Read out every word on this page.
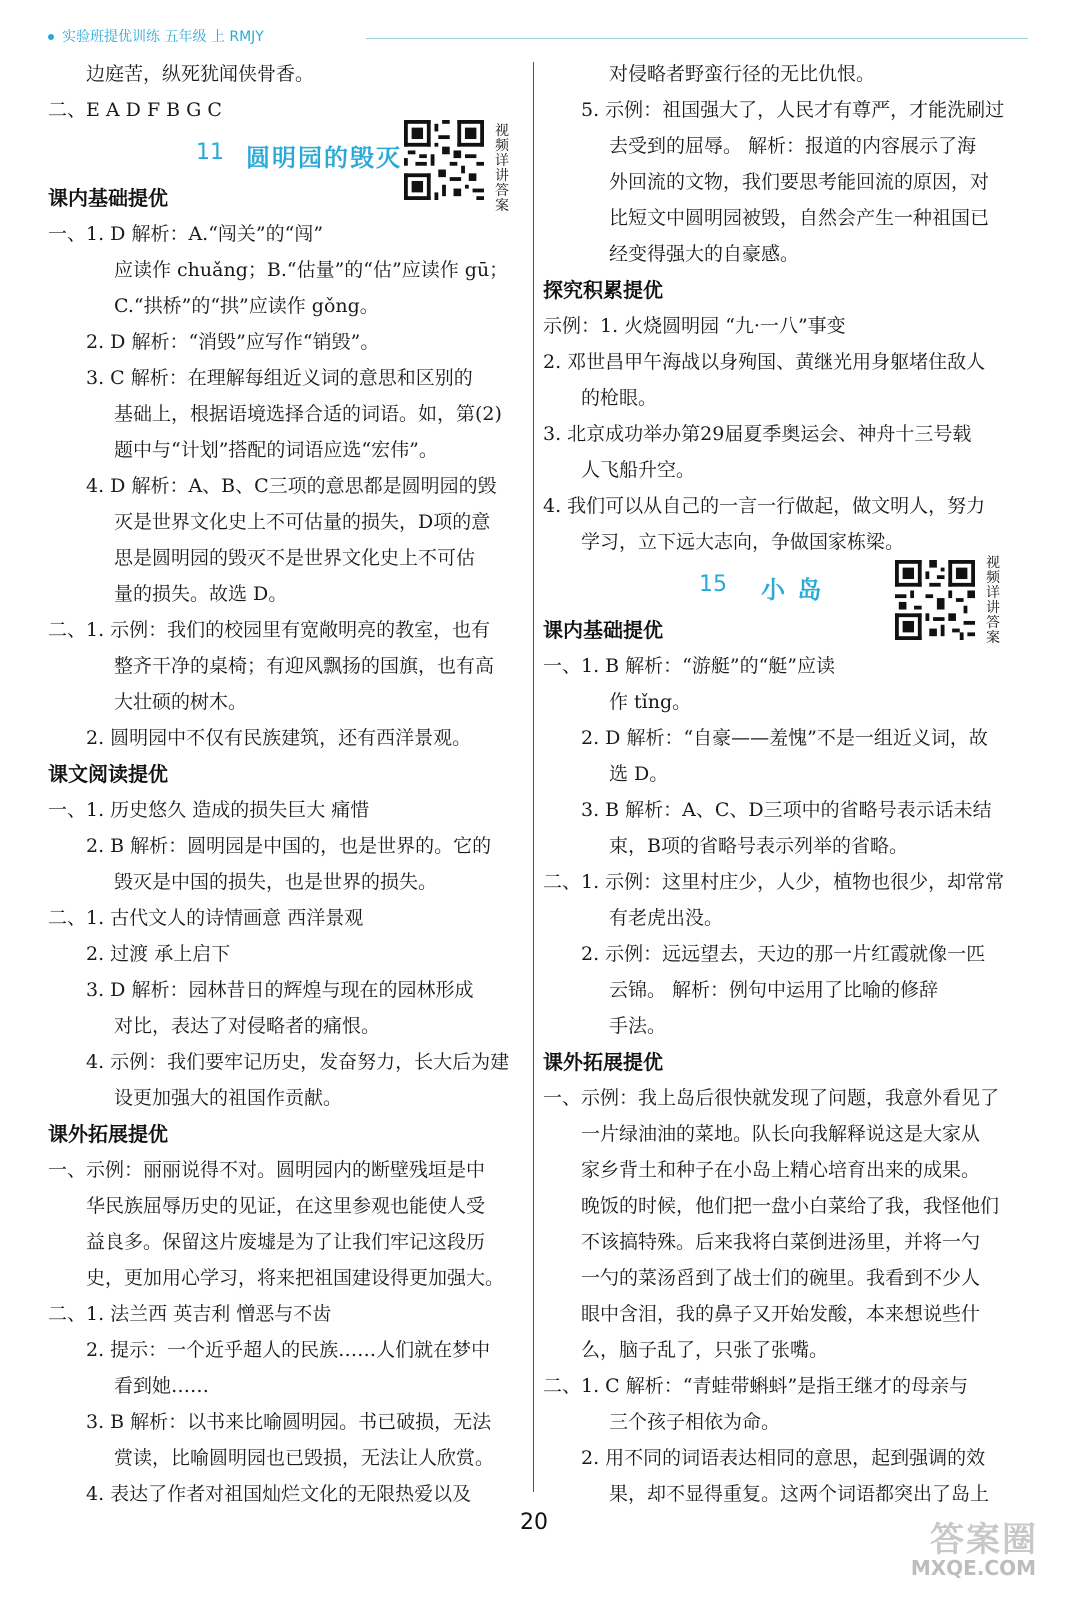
实验班提优训练 五年级 上 RMJY
边庭苦，纵死犹闻侠骨香。
二、E A D F B G C
11 圆明园的毁灭
视
频
详
讲
答
案
课内基础提优
一、1. D 解析：A.“闯关”的“闯”
应读作 chuǎng；B.“估量”的“估”应读作 gū；
C.“拱桥”的“拱”应读作 gǒng。
2. D 解析：“消毁”应写作“销毁”。
3. C 解析：在理解每组近义词的意思和区别的
基础上，根据语境选择合适的词语。如，第(2)
题中与“计划”搭配的词语应选“宏伟”。
4. D 解析：A、B、C三项的意思都是圆明园的毁
灭是世界文化史上不可估量的损失，D项的意
思是圆明园的毁灭不是世界文化史上不可估
量的损失。故选 D。
二、1. 示例：我们的校园里有宽敞明亮的教室，也有
整齐干净的桌椅；有迎风飘扬的国旗，也有高
大壮硕的树木。
2. 圆明园中不仅有民族建筑，还有西洋景观。
课文阅读提优
一、1. 历史悠久 造成的损失巨大 痛惜
2. B 解析：圆明园是中国的，也是世界的。它的
毁灭是中国的损失，也是世界的损失。
二、1. 古代文人的诗情画意 西洋景观
2. 过渡 承上启下
3. D 解析：园林昔日的辉煌与现在的园林形成
对比，表达了对侵略者的痛恨。
4. 示例：我们要牢记历史，发奋努力，长大后为建
设更加强大的祖国作贡献。
课外拓展提优
一、示例：丽丽说得不对。圆明园内的断壁残垣是中
华民族屈辱历史的见证，在这里参观也能使人受
益良多。保留这片废墟是为了让我们牢记这段历
史，更加用心学习，将来把祖国建设得更加强大。
二、1. 法兰西 英吉利 憎恶与不齿
2. 提示：一个近乎超人的民族……人们就在梦中
看到她……
3. B 解析：以书来比喻圆明园。书已破损，无法
赏读，比喻圆明园也已毁损，无法让人欣赏。
4. 表达了作者对祖国灿烂文化的无限热爱以及
对侵略者野蛮行径的无比仇恨。
5. 示例：祖国强大了，人民才有尊严，才能洗刷过
去受到的屈辱。 解析：报道的内容展示了海
外回流的文物，我们要思考能回流的原因，对
比短文中圆明园被毁，自然会产生一种祖国已
经变得强大的自豪感。
探究积累提优
示例：1. 火烧圆明园 “九·一八”事变
2. 邓世昌甲午海战以身殉国、黄继光用身躯堵住敌人
的枪眼。
3. 北京成功举办第29届夏季奥运会、神舟十三号载
人飞船升空。
4. 我们可以从自己的一言一行做起，做文明人，努力
学习，立下远大志向，争做国家栋梁。
15 小 岛
视
频
详
讲
答
案
课内基础提优
一、1. B 解析：“游艇”的“艇”应读
作 tǐng。
2. D 解析：“自豪——羞愧”不是一组近义词，故
选 D。
3. B 解析：A、C、D三项中的省略号表示话未结
束，B项的省略号表示列举的省略。
二、1. 示例：这里村庄少，人少，植物也很少，却常常
有老虎出没。
2. 示例：远远望去，天边的那一片红霞就像一匹
云锦。 解析：例句中运用了比喻的修辞
手法。
课外拓展提优
一、示例：我上岛后很快就发现了问题，我意外看见了
一片绿油油的菜地。队长向我解释说这是大家从
家乡背土和种子在小岛上精心培育出来的成果。
晚饭的时候，他们把一盘小白菜给了我，我怪他们
不该搞特殊。后来我将白菜倒进汤里，并将一勺
一勺的菜汤舀到了战士们的碗里。我看到不少人
眼中含泪，我的鼻子又开始发酸，本来想说些什
么，脑子乱了，只张了张嘴。
二、1. C 解析：“青蛙带蝌蚪”是指王继才的母亲与
三个孩子相依为命。
2. 用不同的词语表达相同的意思，起到强调的效
果，却不显得重复。这两个词语都突出了岛上
20	答案圈
MXQE.COM
